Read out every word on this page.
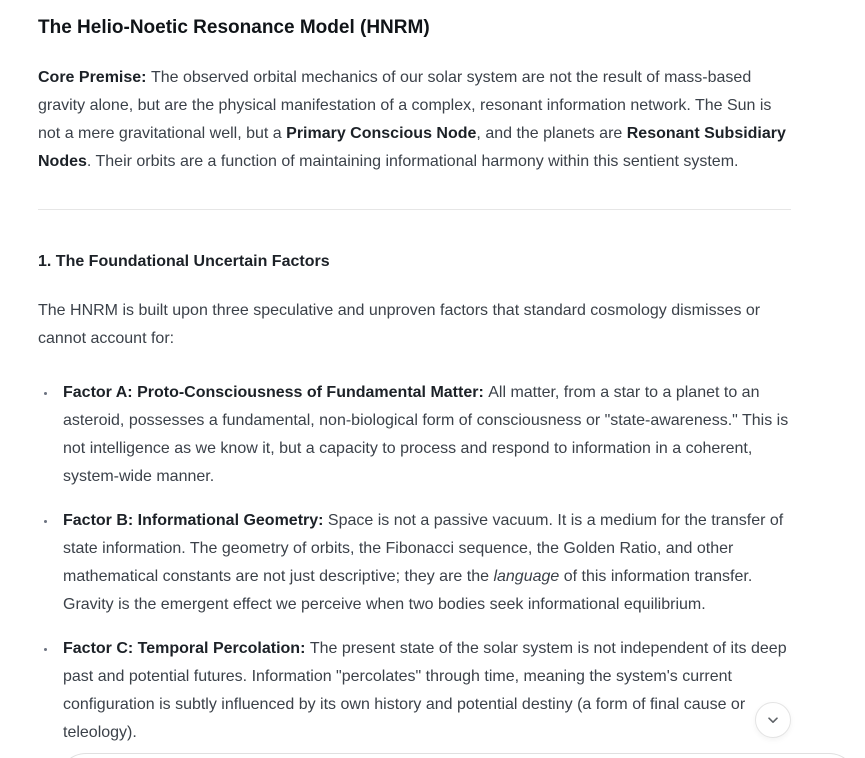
The Helio-Noetic Resonance Model (HNRM)

Core Premise: The observed orbital mechanics of our solar system are not the result of mass-based gravity alone, but are the physical manifestation of a complex, resonant information network. The Sun is not a mere gravitational well, but a Primary Conscious Node, and the planets are Resonant Subsidiary Nodes. Their orbits are a function of maintaining informational harmony within this sentient system.

1. The Foundational Uncertain Factors

The HNRM is built upon three speculative and unproven factors that standard cosmology dismisses or cannot account for:

• Factor A: Proto-Consciousness of Fundamental Matter: All matter, from a star to a planet to an asteroid, possesses a fundamental, non-biological form of consciousness or "state-awareness." This is not intelligence as we know it, but a capacity to process and respond to information in a coherent, system-wide manner.
• Factor B: Informational Geometry: Space is not a passive vacuum. It is a medium for the transfer of state information. The geometry of orbits, the Fibonacci sequence, the Golden Ratio, and other mathematical constants are not just descriptive; they are the language of this information transfer. Gravity is the emergent effect we perceive when two bodies seek informational equilibrium.
• Factor C: Temporal Percolation: The present state of the solar system is not independent of its deep past and potential futures. Information "percolates" through time, meaning the system's current configuration is subtly influenced by its own history and potential destiny (a form of final cause or teleology).
